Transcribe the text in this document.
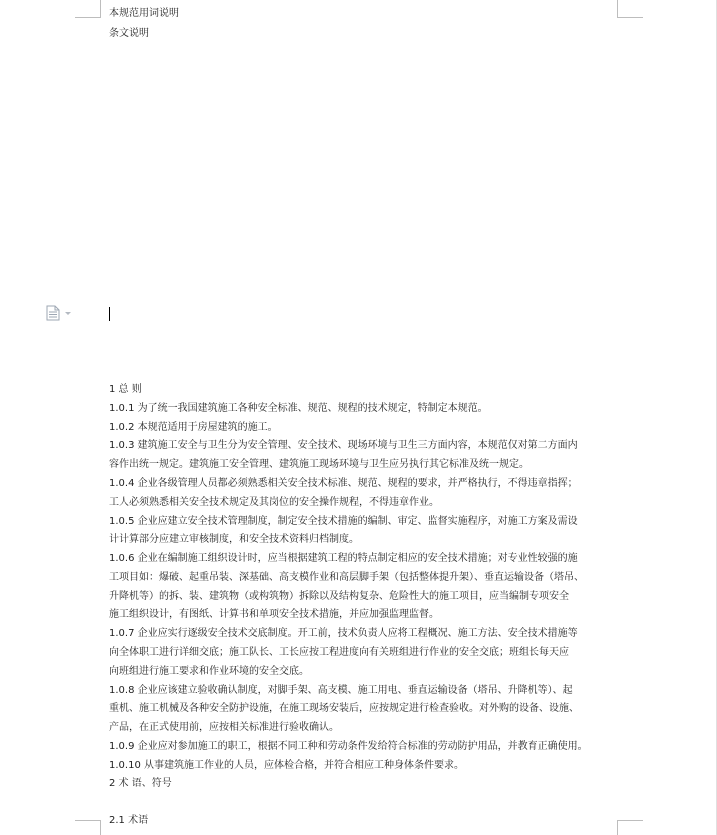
本规范用词说明
条文说明
1 总 则
1.0.1 为了统一我国建筑施工各种安全标准、规范、规程的技术规定，特制定本规范。
1.0.2 本规范适用于房屋建筑的施工。
1.0.3 建筑施工安全与卫生分为安全管理、安全技术、现场环境与卫生三方面内容，本规范仅对第二方面内
容作出统一规定。建筑施工安全管理、建筑施工现场环境与卫生应另执行其它标准及统一规定。
1.0.4 企业各级管理人员都必须熟悉相关安全技术标准、规范、规程的要求，并严格执行，不得违章指挥；
工人必须熟悉相关安全技术规定及其岗位的安全操作规程，不得违章作业。
1.0.5 企业应建立安全技术管理制度，制定安全技术措施的编制、审定、监督实施程序，对施工方案及需设
计计算部分应建立审核制度，和安全技术资料归档制度。
1.0.6 企业在编制施工组织设计时，应当根据建筑工程的特点制定相应的安全技术措施；对专业性较强的施
工项目如：爆破、起重吊装、深基础、高支模作业和高层脚手架（包括整体提升架）、垂直运输设备（塔吊、
升降机等）的拆、装、建筑物（或构筑物）拆除以及结构复杂、危险性大的施工项目，应当编制专项安全
施工组织设计，有图纸、计算书和单项安全技术措施，并应加强监理监督。
1.0.7 企业应实行逐级安全技术交底制度。开工前，技术负责人应将工程概况、施工方法、安全技术措施等
向全体职工进行详细交底；施工队长、工长应按工程进度向有关班组进行作业的安全交底；班组长每天应
向班组进行施工要求和作业环境的安全交底。
1.0.8 企业应该建立验收确认制度，对脚手架、高支模、施工用电、垂直运输设备（塔吊、升降机等）、起
重机、施工机械及各种安全防护设施，在施工现场安装后，应按规定进行检查验收。对外购的设备、设施、
产品，在正式使用前，应按相关标准进行验收确认。
1.0.9 企业应对参加施工的职工，根据不同工种和劳动条件发给符合标准的劳动防护用品，并教育正确使用。
1.0.10 从事建筑施工作业的人员，应体检合格，并符合相应工种身体条件要求。
2 术 语、符号
2.1 术语
